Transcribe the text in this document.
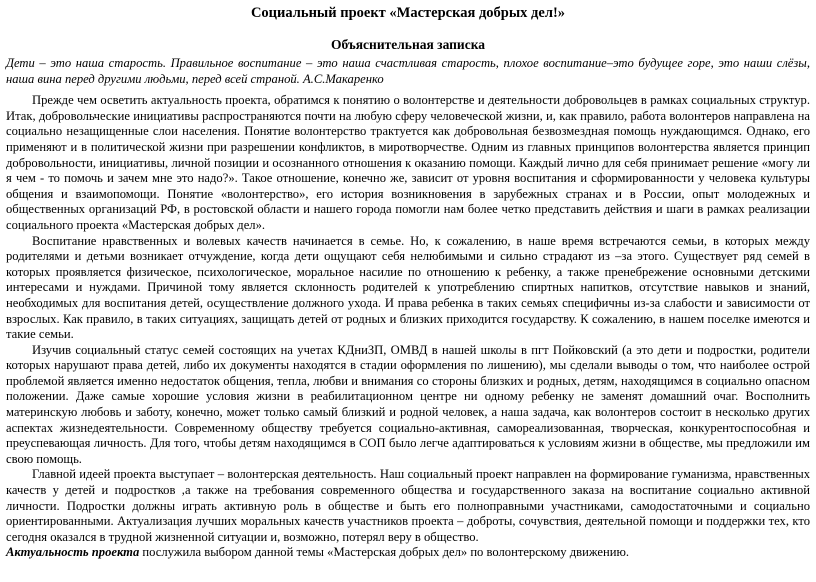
Социальный проект «Мастерская добрых дел!»
Объяснительная записка

Дети – это наша старость. Правильное воспитание – это наша счастливая старость, плохое воспитание–это будущее горе, это наши слёзы, наша вина перед другими людьми, перед всей страной. А.С.Макаренко

Прежде чем осветить актуальность проекта, обратимся к понятию о волонтерстве и деятельности добровольцев в рамках социальных структур. Итак, добровольческие инициативы распространяются почти на любую сферу человеческой жизни, и, как правило, работа волонтеров направлена на социально незащищенные слои населения. Понятие волонтерство трактуется как добровольная безвозмездная помощь нуждающимся. Однако, его применяют и в политической жизни при разрешении конфликтов, в миротворчестве. Одним из главных принципов волонтерства является принцип добровольности, инициативы, личной позиции и осознанного отношения к оказанию помощи. Каждый лично для себя принимает решение «могу ли я чем - то помочь и зачем мне это надо?». Такое отношение, конечно же, зависит от уровня воспитания и сформированности у человека культуры общения и взаимопомощи. Понятие «волонтерство», его история возникновения в зарубежных странах и в России, опыт молодежных и общественных организаций РФ, в ростовской области и нашего города помогли нам более четко представить действия и шаги в рамках реализации социального проекта «Мастерская добрых дел».

Воспитание нравственных и волевых качеств начинается в семье. Но, к сожалению, в наше время встречаются семьи, в которых между родителями и детьми возникает отчуждение, когда дети ощущают себя нелюбимыми и сильно страдают из –за этого. Существует ряд семей в которых проявляется физическое, психологическое, моральное насилие по отношению к ребенку, а также пренебрежение основными детскими интересами и нуждами. Причиной тому является склонность родителей к употреблению спиртных напитков, отсутствие навыков и знаний, необходимых для воспитания детей, осуществление должного ухода. И права ребенка в таких семьях специфичны из-за слабости и зависимости от взрослых. Как правило, в таких ситуациях, защищать детей от родных и близких приходится государству. К сожалению, в нашем поселке имеются и такие семьи.

Изучив социальный статус семей состоящих на учетах КДниЗП, ОМВД в нашей школы в пгт Пойковский (а это дети и подростки, родители которых нарушают права детей, либо их документы находятся в стадии оформления по лишению), мы сделали выводы о том, что наиболее острой проблемой является именно недостаток общения, тепла, любви и внимания со стороны близких и родных, детям, находящимся в социально опасном положении. Даже самые хорошие условия жизни в реабилитационном центре ни одному ребенку не заменят домашний очаг. Восполнить материнскую любовь и заботу, конечно, может только самый близкий и родной человек, а наша задача, как волонтеров состоит в несколько других аспектах жизнедеятельности. Современному обществу требуется социально-активная, самореализованная, творческая, конкурентоспособная и преуспевающая личность. Для того, чтобы детям находящимся в СОП было легче адаптироваться к условиям жизни в обществе, мы предложили им свою помощь.

Главной идеей проекта выступает – волонтерская деятельность. Наш социальный проект направлен на формирование гуманизма, нравственных качеств у детей и подростков ,а также на требования современного общества и государственного заказа на воспитание социально активной личности. Подростки должны играть активную роль в обществе и быть его полноправными участниками, самодостаточными и социально ориентированными. Актуализация лучших моральных качеств участников проекта – доброты, сочувствия, деятельной помощи и поддержки тех, кто сегодня оказался в трудной жизненной ситуации и, возможно, потерял веру в общество.

Актуальность проекта послужила выбором данной темы «Мастерская добрых дел» по волонтерскому движению.
